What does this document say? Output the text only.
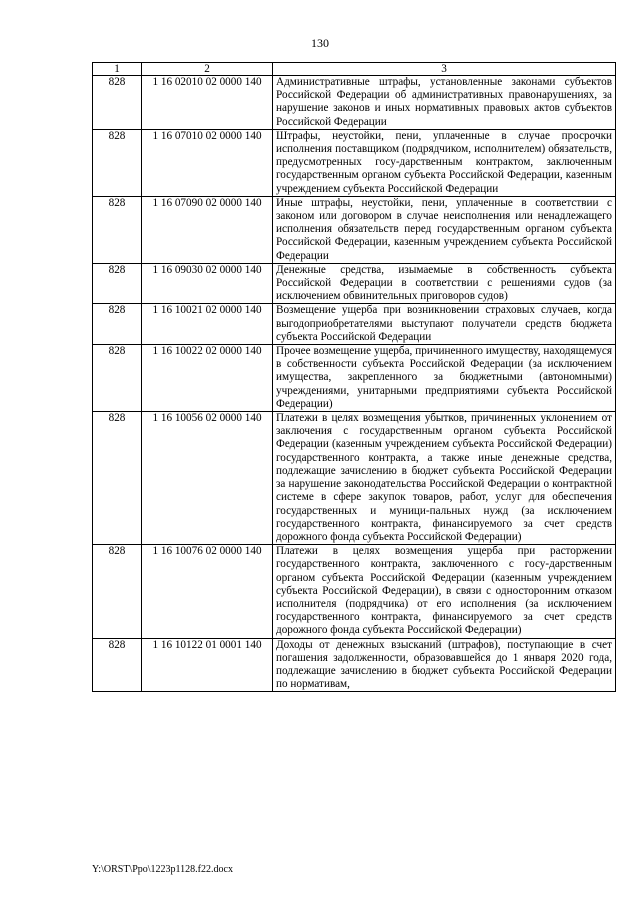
130
1	2	3
828	1 16 02010 02 0000 140	Административные штрафы, установленные законами субъектов Российской Федерации об административных правонарушениях, за нарушение законов и иных нормативных правовых актов субъектов Российской Федерации
828	1 16 07010 02 0000 140	Штрафы, неустойки, пени, уплаченные в случае просрочки исполнения поставщиком (подрядчиком, исполнителем) обязательств, предусмотренных госу-дарственным контрактом, заключенным государственным органом субъекта Российской Федерации, казенным учреждением субъекта Российской Федерации
828	1 16 07090 02 0000 140	Иные штрафы, неустойки, пени, уплаченные в соответствии с законом или договором в случае неисполнения или ненадлежащего исполнения обязательств перед государственным органом субъекта Российской Федерации, казенным учреждением субъекта Российской Федерации
828	1 16 09030 02 0000 140	Денежные средства, изымаемые в собственность субъекта Российской Федерации в соответствии с решениями судов (за исключением обвинительных приговоров судов)
828	1 16 10021 02 0000 140	Возмещение ущерба при возникновении страховых случаев, когда выгодоприобретателями выступают получатели средств бюджета субъекта Российской Федерации
828	1 16 10022 02 0000 140	Прочее возмещение ущерба, причиненного имуществу, находящемуся в собственности субъекта Российской Федерации (за исключением имущества, закрепленного за бюджетными (автономными) учреждениями, унитарными предприятиями субъекта Российской Федерации)
828	1 16 10056 02 0000 140	Платежи в целях возмещения убытков, причиненных уклонением от заключения с государственным органом субъекта Российской Федерации (казенным учреждением субъекта Российской Федерации) государственного контракта, а также иные денежные средства, подлежащие зачислению в бюджет субъекта Российской Федерации за нарушение законодательства Российской Федерации о контрактной системе в сфере закупок товаров, работ, услуг для обеспечения государственных и муници-пальных нужд (за исключением государственного контракта, финансируемого за счет средств дорожного фонда субъекта Российской Федерации)
828	1 16 10076 02 0000 140	Платежи в целях возмещения ущерба при расторжении государственного контракта, заключенного с госу-дарственным органом субъекта Российской Федерации (казенным учреждением субъекта Российской Федерации), в связи с односторонним отказом исполнителя (подрядчика) от его исполнения (за исключением государственного контракта, финансируемого за счет средств дорожного фонда субъекта Российской Федерации)
828	1 16 10122 01 0001 140	Доходы от денежных взысканий (штрафов), поступающие в счет погашения задолженности, образовавшейся до 1 января 2020 года, подлежащие зачислению в бюджет субъекта Российской Федерации по нормативам,
Y:\ORST\Ppo\1223p1128.f22.docx
